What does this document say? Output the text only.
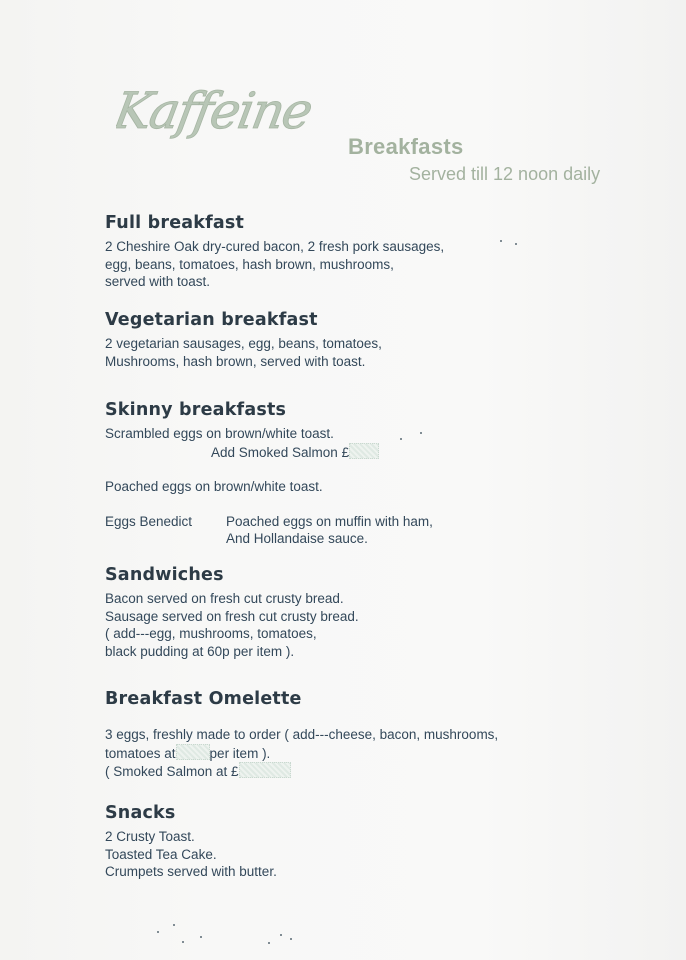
Kaffeine
Breakfasts
Served till 12 noon daily
Full breakfast
2 Cheshire Oak dry-cured bacon, 2 fresh pork sausages,
egg, beans, tomatoes, hash brown, mushrooms,
served with toast.
Vegetarian breakfast
2 vegetarian sausages, egg, beans, tomatoes,
Mushrooms, hash brown, served with toast.
Skinny breakfasts
Scrambled eggs on brown/white toast.
Add Smoked Salmon £
Poached eggs on brown/white toast.
Eggs Benedict	Poached eggs on muffin with ham,
And Hollandaise sauce.
Sandwiches
Bacon served on fresh cut crusty bread.
Sausage served on fresh cut crusty bread.
( add---egg, mushrooms, tomatoes,
black pudding at 60p per item ).
Breakfast Omelette
3 eggs, freshly made to order ( add---cheese, bacon, mushrooms,
tomatoes at	per item ).
( Smoked Salmon at £
Snacks
2 Crusty Toast.
Toasted Tea Cake.
Crumpets served with butter.
